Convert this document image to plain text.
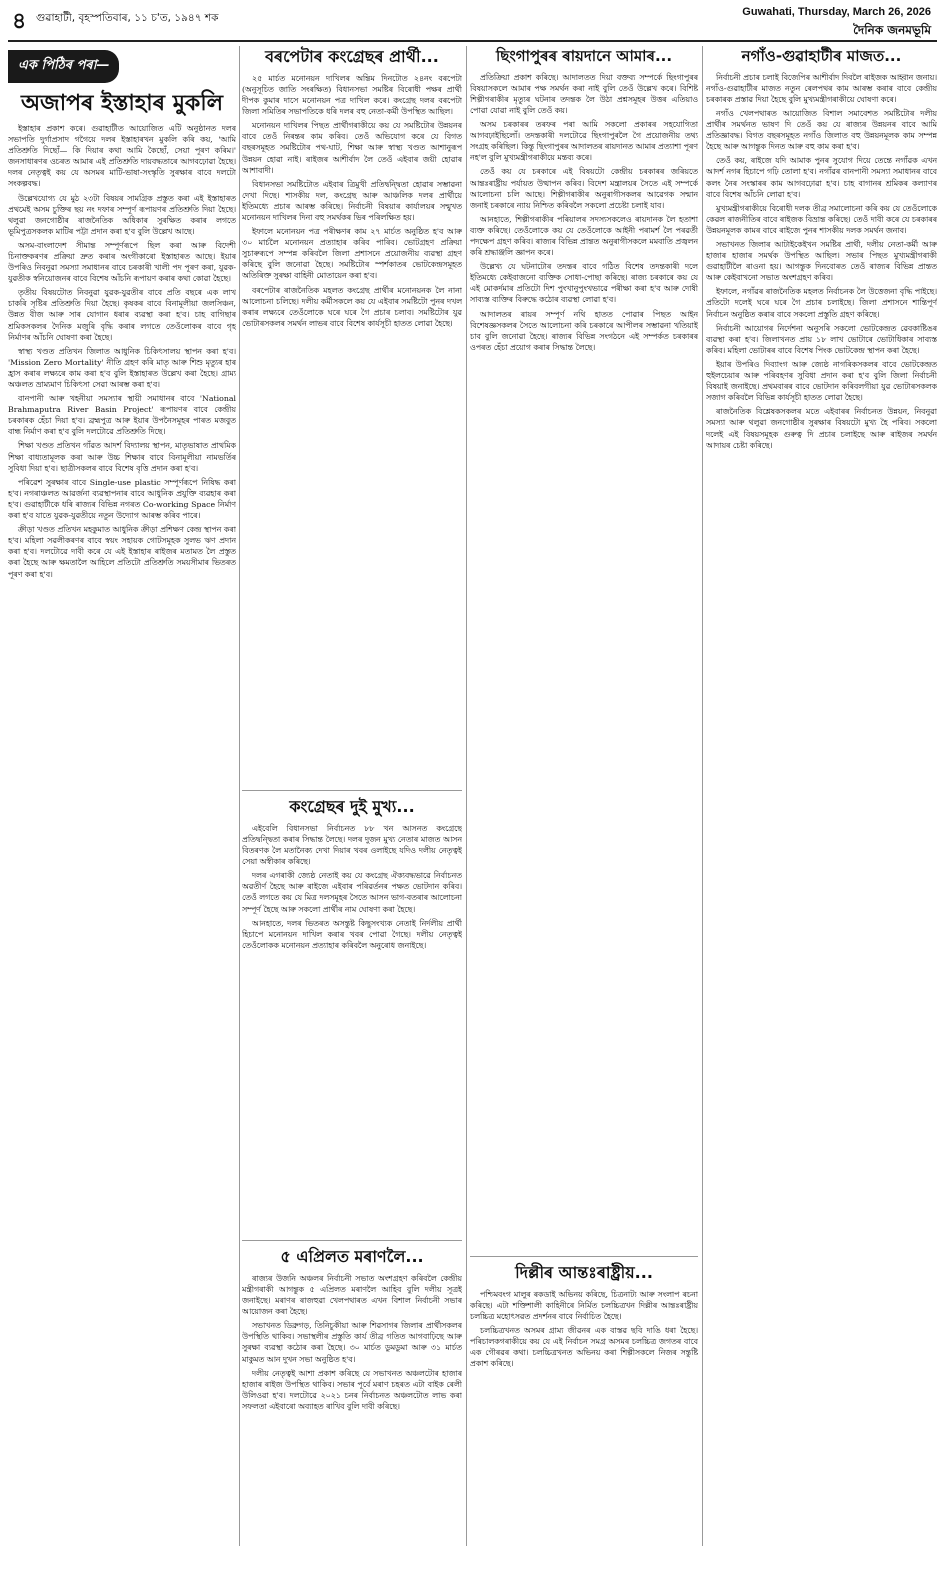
৪ গুৱাহাটী, বৃহস্পতিবাৰ, ১১ চ'ত, ১৯৪৭ শক	Guwahati, Thursday, March 26, 2026
দৈনিক জনমভূমি
এক পিঠিৰ পৰা—
অজাপৰ ইস্তাহাৰ মুকলি

ইস্তাহাৰ প্ৰকাশ কৰে। গুৱাহাটীত আয়োজিত এটি অনুষ্ঠানত দলৰ সভাপতি দুৰ্গাপ্ৰসাদ গগৈয়ে দলৰ ইস্তাহাৰখন মুকলি কৰি কয়, 'আমি প্ৰতিশ্ৰুতি দিছোঁ— কি দিয়াৰ কথা আমি কৈছোঁ, সেয়া পূৰণ কৰিম।' জনসাধাৰণৰ ওচৰত আমাৰ এই প্ৰতিশ্ৰুতি দায়বদ্ধতাৰে আগবঢ়োৱা হৈছে। দলৰ নেতৃত্বই কয় যে অসমৰ মাটি-ভাষা-সংস্কৃতি সুৰক্ষাৰ বাবে দলটো সংকল্পবদ্ধ।

উল্লেখযোগ্য যে মুঠ ২৩টা বিষয়ৰ সামগ্ৰিক প্ৰস্তুত কৰা এই ইস্তাহাৰত প্ৰথমেই অসম চুক্তিৰ ছয় নং দফাৰ সম্পূৰ্ণ ৰূপায়ণৰ প্ৰতিশ্ৰুতি দিয়া হৈছে। থলুৱা জনগোষ্ঠীৰ ৰাজনৈতিক অধিকাৰ সুৰক্ষিত কৰাৰ লগতে ভূমিপুত্ৰসকলক মাটিৰ পট্টা প্ৰদান কৰা হ'ব বুলি উল্লেখ আছে।

অসম-বাংলাদেশ সীমান্ত সম্পূৰ্ণৰূপে ছিল কৰা আৰু বিদেশী চিনাক্তকৰণৰ প্ৰক্ৰিয়া দ্ৰুত কৰাৰ অংগীকাৰো ইস্তাহাৰত আছে। ইয়াৰ উপৰিও নিবনুৱা সমস্যা সমাধানৰ বাবে চৰকাৰী খালী পদ পূৰণ কৰা, যুৱক-যুৱতীক স্বনিয়োজনৰ বাবে বিশেষ আঁচনি ৰূপায়ণ কৰাৰ কথা কোৱা হৈছে।

তৃতীয় বিষয়টোত নিবনুৱা যুৱক-যুৱতীৰ বাবে প্ৰতি বছৰে এক লাখ চাকৰি সৃষ্টিৰ প্ৰতিশ্ৰুতি দিয়া হৈছে। কৃষকৰ বাবে বিনামূলীয়া জলসিঞ্চন, উন্নত বীজ আৰু সাৰ যোগান ধৰাৰ ব্যৱস্থা কৰা হ'ব। চাহ বাগিছাৰ শ্ৰমিকসকলৰ দৈনিক মজুৰি বৃদ্ধি কৰাৰ লগতে তেওঁলোকৰ বাবে গৃহ নিৰ্মাণৰ আঁচনি ঘোষণা কৰা হৈছে।

স্বাস্থ্য খণ্ডত প্ৰতিখন জিলাত আধুনিক চিকিৎসালয় স্থাপন কৰা হ'ব। 'Mission Zero Mortality' নীতি গ্ৰহণ কৰি মাতৃ আৰু শিশু মৃত্যুৰ হাৰ হ্ৰাস কৰাৰ লক্ষ্যৰে কাম কৰা হ'ব বুলি ইস্তাহাৰত উল্লেখ কৰা হৈছে। গ্ৰাম্য অঞ্চলত ভ্ৰাম্যমাণ চিকিৎসা সেৱা আৰম্ভ কৰা হ'ব।

বানপানী আৰু খহনীয়া সমস্যাৰ স্থায়ী সমাধানৰ বাবে 'National Brahmaputra River Basin Project' ৰূপায়ণৰ বাবে কেন্দ্ৰীয় চৰকাৰক হেঁচা দিয়া হ'ব। ব্ৰহ্মপুত্ৰ আৰু ইয়াৰ উপনৈসমূহৰ পাৰত মজবুত বান্ধ নিৰ্মাণ কৰা হ'ব বুলি দলটোৱে প্ৰতিশ্ৰুতি দিছে।

শিক্ষা খণ্ডত প্ৰতিখন গাঁৱত আদৰ্শ বিদ্যালয় স্থাপন, মাতৃভাষাত প্ৰাথমিক শিক্ষা বাধ্যতামূলক কৰা আৰু উচ্চ শিক্ষাৰ বাবে বিনামূলীয়া নামভৰ্তিৰ সুবিধা দিয়া হ'ব। ছাত্ৰীসকলৰ বাবে বিশেষ বৃত্তি প্ৰদান কৰা হ'ব।

পৰিৱেশ সুৰক্ষাৰ বাবে Single-use plastic সম্পূৰ্ণৰূপে নিষিদ্ধ কৰা হ'ব। নগৰাঞ্চলত আৱৰ্জনা ব্যৱস্থাপনাৰ বাবে আধুনিক প্ৰযুক্তি ব্যৱহাৰ কৰা হ'ব। গুৱাহাটীকে ধৰি ৰাজ্যৰ বিভিন্ন নগৰত Co-working Space নিৰ্মাণ কৰা হ'ব যাতে যুৱক-যুৱতীয়ে নতুন উদ্যোগ আৰম্ভ কৰিব পাৰে।

ক্ৰীড়া খণ্ডত প্ৰতিখন মহকুমাত আধুনিক ক্ৰীড়া প্ৰশিক্ষণ কেন্দ্ৰ স্থাপন কৰা হ'ব। মহিলা সৱলীকৰণৰ বাবে স্বয়ং সহায়ক গোটসমূহক সুলভ ঋণ প্ৰদান কৰা হ'ব। দলটোৱে দাবী কৰে যে এই ইস্তাহাৰ ৰাইজৰ মতামত লৈ প্ৰস্তুত কৰা হৈছে আৰু ক্ষমতালৈ আহিলে প্ৰতিটো প্ৰতিশ্ৰুতি সময়সীমাৰ ভিতৰত পূৰণ কৰা হ'ব।

বৰপেটাৰ কংগ্ৰেছৰ প্ৰাৰ্থী...

২৫ মাৰ্চত মনোনয়ন দাখিলৰ অন্তিম দিনটোত ২৪নং বৰপেটা (অনুসূচিত জাতি সংৰক্ষিত) বিধানসভা সমষ্টিৰ বিৰোধী পক্ষৰ প্ৰাৰ্থী দীপক কুমাৰ দাসে মনোনয়ন পত্ৰ দাখিল কৰে। কংগ্ৰেছ দলৰ বৰপেটা জিলা সমিতিৰ সভাপতিকে ধৰি দলৰ বহু নেতা-কৰ্মী উপস্থিত আছিল।

মনোনয়ন দাখিলৰ পিছত প্ৰাৰ্থীগৰাকীয়ে কয় যে সমষ্টিটোৰ উন্নয়নৰ বাবে তেওঁ নিৰন্তৰ কাম কৰিব। তেওঁ অভিযোগ কৰে যে বিগত বছৰসমূহত সমষ্টিটোৰ পথ-ঘাট, শিক্ষা আৰু স্বাস্থ্য খণ্ডত আশানুৰূপ উন্নয়ন হোৱা নাই। ৰাইজৰ আশীৰ্বাদ লৈ তেওঁ এইবাৰ জয়ী হোৱাৰ আশাবাদী।

বিধানসভা সমষ্টিটোত এইবাৰ ত্ৰিমুখী প্ৰতিদ্বন্দ্বিতা হোৱাৰ সম্ভাৱনা দেখা দিছে। শাসকীয় দল, কংগ্ৰেছ আৰু আঞ্চলিক দলৰ প্ৰাৰ্থীয়ে ইতিমধ্যে প্ৰচাৰ আৰম্ভ কৰিছে। নিৰ্বাচনী বিষয়াৰ কাৰ্যালয়ৰ সন্মুখত মনোনয়ন দাখিলৰ দিনা বহু সমৰ্থকৰ ভিৰ পৰিলক্ষিত হয়।

ইফালে মনোনয়ন পত্ৰ পৰীক্ষণৰ কাম ২৭ মাৰ্চত অনুষ্ঠিত হ'ব আৰু ৩০ মাৰ্চলৈ মনোনয়ন প্ৰত্যাহাৰ কৰিব পাৰিব। ভোটগ্ৰহণ প্ৰক্ৰিয়া সুচাৰুৰূপে সম্পন্ন কৰিবলৈ জিলা প্ৰশাসনে প্ৰয়োজনীয় ব্যৱস্থা গ্ৰহণ কৰিছে বুলি জনোৱা হৈছে। সমষ্টিটোৰ স্পৰ্শকাতৰ ভোটকেন্দ্ৰসমূহত অতিৰিক্ত সুৰক্ষা বাহিনী মোতায়েন কৰা হ'ব।

বৰপেটাৰ ৰাজনৈতিক মহলত কংগ্ৰেছ প্ৰাৰ্থীৰ মনোনয়নক লৈ নানা আলোচনা চলিছে। দলীয় কৰ্মীসকলে কয় যে এইবাৰ সমষ্টিটো পুনৰ দখল কৰাৰ লক্ষ্যৰে তেওঁলোকে ঘৰে ঘৰে গৈ প্ৰচাৰ চলাব। সমষ্টিটোৰ যুৱ ভোটাৰসকলৰ সমৰ্থন লাভৰ বাবে বিশেষ কাৰ্যসূচী হাতত লোৱা হৈছে।

কংগ্ৰেছৰ দুই মুখ্য...

এইবেলি বিধানসভা নিৰ্বাচনত ৮৮ খন আসনত কংগ্ৰেছে প্ৰতিদ্বন্দ্বিতা কৰাৰ সিদ্ধান্ত লৈছে। দলৰ দুজন মুখ্য নেতাৰ মাজত আসন বিতৰণক লৈ মতানৈক্য দেখা দিয়াৰ খবৰ ওলাইছে যদিও দলীয় নেতৃত্বই সেয়া অস্বীকাৰ কৰিছে।

দলৰ এগৰাকী জ্যেষ্ঠ নেতাই কয় যে কংগ্ৰেছ ঐক্যবদ্ধভাৱে নিৰ্বাচনত অৱতীৰ্ণ হৈছে আৰু ৰাইজে এইবাৰ পৰিৱৰ্তনৰ পক্ষত ভোটদান কৰিব। তেওঁ লগতে কয় যে মিত্ৰ দলসমূহৰ সৈতে আসন ভাগ-বতৰাৰ আলোচনা সম্পূৰ্ণ হৈছে আৰু সকলো প্ৰাৰ্থীৰ নাম ঘোষণা কৰা হৈছে।

আনহাতে, দলৰ ভিতৰত অসন্তুষ্ট কিছুসংখ্যক নেতাই নিৰ্দলীয় প্ৰাৰ্থী হিচাপে মনোনয়ন দাখিল কৰাৰ খবৰ পোৱা গৈছে। দলীয় নেতৃত্বই তেওঁলোকক মনোনয়ন প্ৰত্যাহাৰ কৰিবলৈ অনুৰোধ জনাইছে।

৫ এপ্ৰিলত মৰাণলৈ...

ৰাজ্যৰ উজনি অঞ্চলৰ নিৰ্বাচনী সভাত অংশগ্ৰহণ কৰিবলৈ কেন্দ্ৰীয় মন্ত্ৰীগৰাকী আগন্তুক ৫ এপ্ৰিলত মৰাণলৈ আহিব বুলি দলীয় সূত্ৰই জনাইছে। মৰাণৰ ৰাজহুৱা খেলপথাৰত এখন বিশাল নিৰ্বাচনী সভাৰ আয়োজন কৰা হৈছে।

সভাখনত ডিব্ৰুগড়, তিনিচুকীয়া আৰু শিৱসাগৰ জিলাৰ প্ৰাৰ্থীসকলৰ উপস্থিতি থাকিব। সভাস্থলীৰ প্ৰস্তুতি কাৰ্য তীব্ৰ গতিত আগবাঢ়িছে আৰু সুৰক্ষা ব্যৱস্থা কঠোৰ কৰা হৈছে। ৩০ মাৰ্চত ডুমডুমা আৰু ৩১ মাৰ্চত মাকুমত আন দুখন সভা অনুষ্ঠিত হ'ব।

দলীয় নেতৃত্বই আশা প্ৰকাশ কৰিছে যে সভাখনত অঞ্চলটোৰ হাজাৰ হাজাৰ ৰাইজ উপস্থিত থাকিব। সভাৰ পূৰ্বে মৰাণ চহৰত এটা বাইক ৰেলী উলিওৱা হ'ব। দলটোৱে ২০২১ চনৰ নিৰ্বাচনত অঞ্চলটোত লাভ কৰা সফলতা এইবাৰো অব্যাহত ৰাখিব বুলি দাবী কৰিছে।

ছিংগাপুৰৰ ৰায়দানে আমাৰ...

প্ৰতিক্ৰিয়া প্ৰকাশ কৰিছে। আদালতত দিয়া বক্তব্য সম্পৰ্কে ছিংগাপুৰৰ বিষয়াসকলে আমাৰ পক্ষ সমৰ্থন কৰা নাই বুলি তেওঁ উল্লেখ কৰে। বিশিষ্ট শিল্পীগৰাকীৰ মৃত্যুৰ ঘটনাৰ তদন্তক লৈ উঠা প্ৰশ্নসমূহৰ উত্তৰ এতিয়াও পোৱা যোৱা নাই বুলি তেওঁ কয়।

অসম চৰকাৰৰ তৰফৰ পৰা আমি সকলো প্ৰকাৰৰ সহযোগিতা আগবঢ়াইছিলোঁ। তদন্তকাৰী দলটোৱে ছিংগাপুৰলৈ গৈ প্ৰয়োজনীয় তথ্য সংগ্ৰহ কৰিছিল। কিন্তু ছিংগাপুৰৰ আদালতৰ ৰায়দানত আমাৰ প্ৰত্যাশা পূৰণ নহ'ল বুলি মুখ্যমন্ত্ৰীগৰাকীয়ে মন্তব্য কৰে।

তেওঁ কয় যে চৰকাৰে এই বিষয়টো কেন্দ্ৰীয় চৰকাৰৰ জৰিয়তে আন্তঃৰাষ্ট্ৰীয় পৰ্যায়ত উত্থাপন কৰিব। বিদেশ মন্ত্ৰালয়ৰ সৈতে এই সম্পৰ্কে আলোচনা চলি আছে। শিল্পীগৰাকীৰ অনুৰাগীসকলৰ আৱেগক সন্মান জনাই চৰকাৰে ন্যায় নিশ্চিত কৰিবলৈ সকলো প্ৰচেষ্টা চলাই যাব।

আনহাতে, শিল্পীগৰাকীৰ পৰিয়ালৰ সদস্যসকলেও ৰায়দানক লৈ হতাশা ব্যক্ত কৰিছে। তেওঁলোকে কয় যে তেওঁলোকে আইনী পৰামৰ্শ লৈ পৰৱৰ্তী পদক্ষেপ গ্ৰহণ কৰিব। ৰাজ্যৰ বিভিন্ন প্ৰান্তত অনুৰাগীসকলে মমবাতি প্ৰজ্বলন কৰি শ্ৰদ্ধাঞ্জলি জ্ঞাপন কৰে।

উল্লেখ্য যে ঘটনাটোৰ তদন্তৰ বাবে গঠিত বিশেষ তদন্তকাৰী দলে ইতিমধ্যে কেইবাজনো ব্যক্তিক সোধা-পোছা কৰিছে। ৰাজ্য চৰকাৰে কয় যে এই মোকৰ্দমাৰ প্ৰতিটো দিশ পুংখানুপুংখভাৱে পৰীক্ষা কৰা হ'ব আৰু দোষী সাব্যস্ত ব্যক্তিৰ বিৰুদ্ধে কঠোৰ ব্যৱস্থা লোৱা হ'ব।

আদালতৰ ৰায়ৰ সম্পূৰ্ণ নথি হাতত পোৱাৰ পিছত আইন বিশেষজ্ঞসকলৰ সৈতে আলোচনা কৰি চৰকাৰে আপীলৰ সম্ভাৱনা খতিয়াই চাব বুলি জনোৱা হৈছে। ৰাজ্যৰ বিভিন্ন সংগঠনে এই সম্পৰ্কত চৰকাৰৰ ওপৰত হেঁচা প্ৰয়োগ কৰাৰ সিদ্ধান্ত লৈছে।

দিল্লীৰ আন্তঃৰাষ্ট্ৰীয়...

পশ্চিমবংগ মালুৰ ৰকডাই অভিনয় কৰিছে, চিত্ৰনাট্য আৰু সংলাপ ৰচনা কৰিছে। এটা শক্তিশালী কাহিনীৰে নিৰ্মিত চলচ্চিত্ৰখন দিল্লীৰ আন্তঃৰাষ্ট্ৰীয় চলচ্চিত্ৰ মহোৎসৱত প্ৰদৰ্শনৰ বাবে নিৰ্বাচিত হৈছে।

চলচ্চিত্ৰখনত অসমৰ গ্ৰাম্য জীৱনৰ এক বাস্তৱ ছবি দাঙি ধৰা হৈছে। পৰিচালকগৰাকীয়ে কয় যে এই নিৰ্বাচন সমগ্ৰ অসমৰ চলচ্চিত্ৰ জগতৰ বাবে এক গৌৰৱৰ কথা। চলচ্চিত্ৰখনত অভিনয় কৰা শিল্পীসকলে নিজৰ সন্তুষ্টি প্ৰকাশ কৰিছে।

নগাঁও-গুৱাহাটীৰ মাজত...

নিৰ্বাচনী প্ৰচাৰ চলাই বিজেপিৰ আশীৰ্বাদ দিবলৈ ৰাইজক আহ্বান জনায়। নগাঁও-গুৱাহাটীৰ মাজত নতুন ৰেলপথৰ কাম আৰম্ভ কৰাৰ বাবে কেন্দ্ৰীয় চৰকাৰক প্ৰস্তাৱ দিয়া হৈছে বুলি মুখ্যমন্ত্ৰীগৰাকীয়ে ঘোষণা কৰে।

নগাঁও খেলপথাৰত আয়োজিত বিশাল সমাবেশত সমষ্টিটোৰ দলীয় প্ৰাৰ্থীৰ সমৰ্থনত ভাষণ দি তেওঁ কয় যে ৰাজ্যৰ উন্নয়নৰ বাবে আমি প্ৰতিজ্ঞাবদ্ধ। বিগত বছৰসমূহত নগাঁও জিলাত বহু উন্নয়নমূলক কাম সম্পন্ন হৈছে আৰু আগন্তুক দিনত আৰু বহু কাম কৰা হ'ব।

তেওঁ কয়, ৰাইজে যদি আমাক পুনৰ সুযোগ দিয়ে তেন্তে নগাঁৱক এখন আদৰ্শ নগৰ হিচাপে গঢ়ি তোলা হ'ব। নগাঁৱৰ বানপানী সমস্যা সমাধানৰ বাবে কলং নৈৰ সংস্কাৰৰ কাম আগবঢ়োৱা হ'ব। চাহ বাগানৰ শ্ৰমিকৰ কল্যাণৰ বাবে বিশেষ আঁচনি লোৱা হ'ব।

মুখ্যমন্ত্ৰীগৰাকীয়ে বিৰোধী দলক তীব্ৰ সমালোচনা কৰি কয় যে তেওঁলোকে কেৱল ৰাজনীতিৰ বাবে ৰাইজক বিভ্ৰান্ত কৰিছে। তেওঁ দাবী কৰে যে চৰকাৰৰ উন্নয়নমূলক কামৰ বাবে ৰাইজে পুনৰ শাসকীয় দলক সমৰ্থন জনাব।

সভাখনত জিলাৰ আটাইকেইখন সমষ্টিৰ প্ৰাৰ্থী, দলীয় নেতা-কৰ্মী আৰু হাজাৰ হাজাৰ সমৰ্থক উপস্থিত আছিল। সভাৰ পিছত মুখ্যমন্ত্ৰীগৰাকী গুৱাহাটীলৈ ৰাওনা হয়। আগন্তুক দিনবোৰত তেওঁ ৰাজ্যৰ বিভিন্ন প্ৰান্তত আৰু কেইবাখনো সভাত অংশগ্ৰহণ কৰিব।

ইফালে, নগাঁৱৰ ৰাজনৈতিক মহলত নিৰ্বাচনক লৈ উত্তেজনা বৃদ্ধি পাইছে। প্ৰতিটো দলেই ঘৰে ঘৰে গৈ প্ৰচাৰ চলাইছে। জিলা প্ৰশাসনে শান্তিপূৰ্ণ নিৰ্বাচন অনুষ্ঠিত কৰাৰ বাবে সকলো প্ৰস্তুতি গ্ৰহণ কৰিছে।

নিৰ্বাচনী আয়োগৰ নিৰ্দেশনা অনুসৰি সকলো ভোটকেন্দ্ৰত ৱেবকাষ্টিঙৰ ব্যৱস্থা কৰা হ'ব। জিলাখনত প্ৰায় ১৮ লাখ ভোটাৰে ভোটাধিকাৰ সাব্যস্ত কৰিব। মহিলা ভোটাৰৰ বাবে বিশেষ পিংক ভোটকেন্দ্ৰ স্থাপন কৰা হৈছে।

ইয়াৰ উপৰিও দিব্যাংগ আৰু জ্যেষ্ঠ নাগৰিকসকলৰ বাবে ভোটকেন্দ্ৰত হুইলচেয়াৰ আৰু পৰিবহণৰ সুবিধা প্ৰদান কৰা হ'ব বুলি জিলা নিৰ্বাচনী বিষয়াই জনাইছে। প্ৰথমবাৰৰ বাবে ভোটদান কৰিবলগীয়া যুৱ ভোটাৰসকলক সজাগ কৰিবলৈ বিভিন্ন কাৰ্যসূচী হাতত লোৱা হৈছে।

ৰাজনৈতিক বিশ্লেষকসকলৰ মতে এইবাৰৰ নিৰ্বাচনত উন্নয়ন, নিবনুৱা সমস্যা আৰু থলুৱা জনগোষ্ঠীৰ সুৰক্ষাৰ বিষয়টো মুখ্য হৈ পৰিব। সকলো দলেই এই বিষয়সমূহক গুৰুত্ব দি প্ৰচাৰ চলাইছে আৰু ৰাইজৰ সমৰ্থন আদায়ৰ চেষ্টা কৰিছে।
